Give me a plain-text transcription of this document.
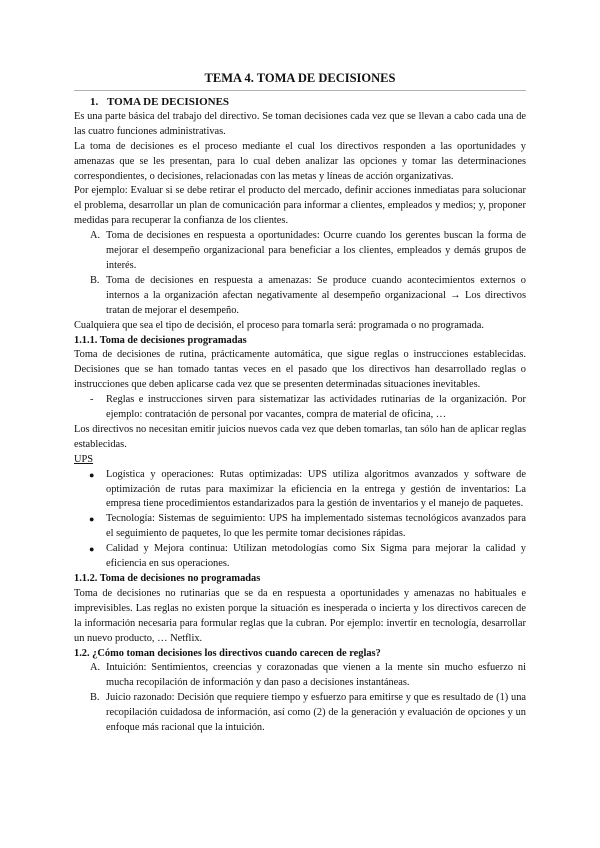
TEMA 4. TOMA DE DECISIONES
1. TOMA DE DECISIONES

Es una parte básica del trabajo del directivo. Se toman decisiones cada vez que se llevan a cabo cada una de las cuatro funciones administrativas.

La toma de decisiones es el proceso mediante el cual los directivos responden a las oportunidades y amenazas que se les presentan, para lo cual deben analizar las opciones y tomar las determinaciones correspondientes, o decisiones, relacionadas con las metas y líneas de acción organizativas.

Por ejemplo: Evaluar si se debe retirar el producto del mercado, definir acciones inmediatas para solucionar el problema, desarrollar un plan de comunicación para informar a clientes, empleados y medios; y, proponer medidas para recuperar la confianza de los clientes.

A. Toma de decisiones en respuesta a oportunidades: Ocurre cuando los gerentes buscan la forma de mejorar el desempeño organizacional para beneficiar a los clientes, empleados y demás grupos de interés.
B. Toma de decisiones en respuesta a amenazas: Se produce cuando acontecimientos externos o internos a la organización afectan negativamente al desempeño organizacional → Los directivos tratan de mejorar el desempeño.

Cualquiera que sea el tipo de decisión, el proceso para tomarla será: programada o no programada.

1.1.1. Toma de decisiones programadas

Toma de decisiones de rutina, prácticamente automática, que sigue reglas o instrucciones establecidas. Decisiones que se han tomado tantas veces en el pasado que los directivos han desarrollado reglas o instrucciones que deben aplicarse cada vez que se presenten determinadas situaciones inevitables.

- Reglas e instrucciones sirven para sistematizar las actividades rutinarias de la organización. Por ejemplo: contratación de personal por vacantes, compra de material de oficina, …

Los directivos no necesitan emitir juicios nuevos cada vez que deben tomarlas, tan sólo han de aplicar reglas establecidas.

UPS
● Logística y operaciones: Rutas optimizadas: UPS utiliza algoritmos avanzados y software de optimización de rutas para maximizar la eficiencia en la entrega y gestión de inventarios: La empresa tiene procedimientos estandarizados para la gestión de inventarios y el manejo de paquetes.
● Tecnología: Sistemas de seguimiento: UPS ha implementado sistemas tecnológicos avanzados para el seguimiento de paquetes, lo que les permite tomar decisiones rápidas.
● Calidad y Mejora continua: Utilizan metodologías como Six Sigma para mejorar la calidad y eficiencia en sus operaciones.
1.1.2. Toma de decisiones no programadas

Toma de decisiones no rutinarias que se da en respuesta a oportunidades y amenazas no habituales e imprevisibles. Las reglas no existen porque la situación es inesperada o incierta y los directivos carecen de la información necesaria para formular reglas que la cubran. Por ejemplo: invertir en tecnología, desarrollar un nuevo producto, … Netflix.

1.2. ¿Cómo toman decisiones los directivos cuando carecen de reglas?
A. Intuición: Sentimientos, creencias y corazonadas que vienen a la mente sin mucho esfuerzo ni mucha recopilación de información y dan paso a decisiones instantáneas.
B. Juicio razonado: Decisión que requiere tiempo y esfuerzo para emitirse y que es resultado de (1) una recopilación cuidadosa de información, así como (2) de la generación y evaluación de opciones y un enfoque más racional que la intuición.
